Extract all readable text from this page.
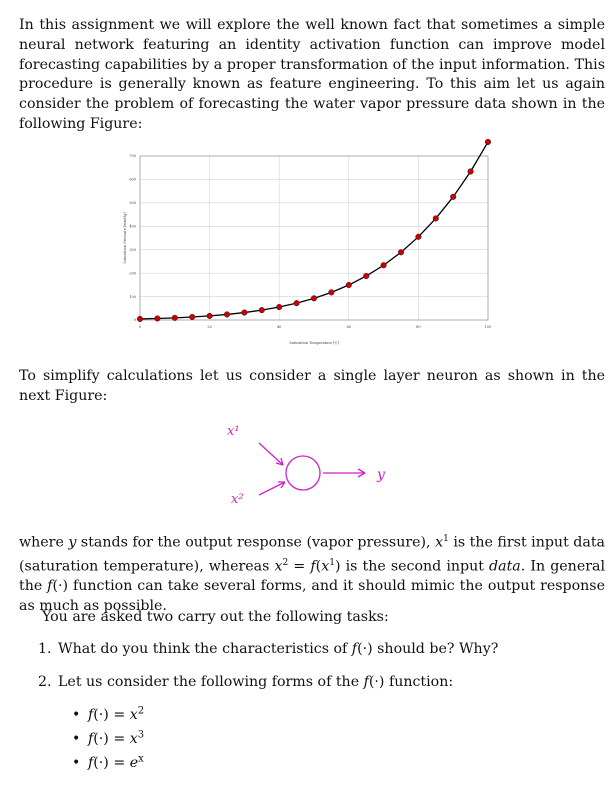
In this assignment we will explore the well known fact that sometimes a simple neural network featuring an identity activation function can improve model forecasting capabilities by a proper transformation of the input information. This procedure is generally known as feature engineering. To this aim let us again consider the problem of forecasting the water vapor pressure data shown in the following Figure:

0
100
200
300
400
500
600
700
0	20	40	60	80	100
Saturation Temperature [C]
Saturation Pressure [mmHg]

To simplify calculations let us consider a single layer neuron as shown in the next Figure:

x¹
x²
y

where y stands for the output response (vapor pressure), $x^1$ is the first input data (saturation temperature), whereas $x^2 = f(x^1)$ is the second input data. In general the f(·) function can take several forms, and it should mimic the output response as much as possible.

You are asked two carry out the following tasks:

1. What do you think the characteristics of f(·) should be? Why?
2. Let us consider the following forms of the f(·) function:
• $f(\cdot) = x^2$
• $f(\cdot) = x^3$
• $f(\cdot) = e^x$
